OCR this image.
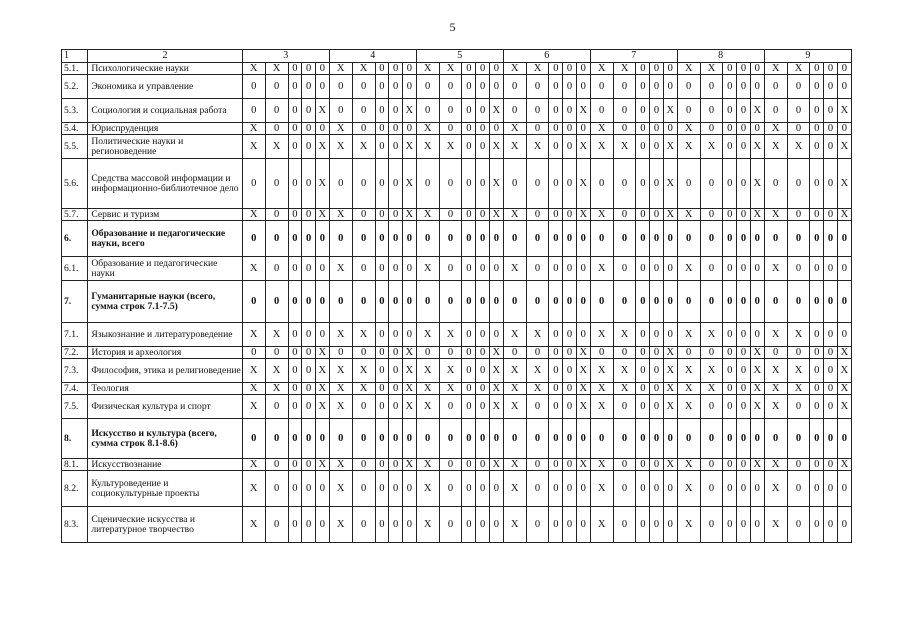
5
1	2	3					4					5					6					7					8					9				
5.1.	Психологические науки	X	X	0	0	0	X	X	0	0	0	X	X	0	0	0	X	X	0	0	0	X	X	0	0	0	X	X	0	0	0	X	X	0	0	0
5.2.	Экономика и управление	0	0	0	0	0	0	0	0	0	0	0	0	0	0	0	0	0	0	0	0	0	0	0	0	0	0	0	0	0	0	0	0	0	0	0
5.3.	Социология и социальная работа	0	0	0	0	X	0	0	0	0	X	0	0	0	0	X	0	0	0	0	X	0	0	0	0	X	0	0	0	0	X	0	0	0	0	X
5.4.	Юриспруденция	X	0	0	0	0	X	0	0	0	0	X	0	0	0	0	X	0	0	0	0	X	0	0	0	0	X	0	0	0	0	X	0	0	0	0
5.5.	Политические науки и регионоведение	X	X	0	0	X	X	X	0	0	X	X	X	0	0	X	X	X	0	0	X	X	X	0	0	X	X	X	0	0	X	X	X	0	0	X
5.6.	Средства массовой информации и информационно-библиотечное дело	0	0	0	0	X	0	0	0	0	X	0	0	0	0	X	0	0	0	0	X	0	0	0	0	X	0	0	0	0	X	0	0	0	0	X
5.7.	Сервис и туризм	X	0	0	0	X	X	0	0	0	X	X	0	0	0	X	X	0	0	0	X	X	0	0	0	X	X	0	0	0	X	X	0	0	0	X
6.	Образование и педагогические науки, всего	0	0	0	0	0	0	0	0	0	0	0	0	0	0	0	0	0	0	0	0	0	0	0	0	0	0	0	0	0	0	0	0	0	0	0
6.1.	Образование и педагогические науки	X	0	0	0	0	X	0	0	0	0	X	0	0	0	0	X	0	0	0	0	X	0	0	0	0	X	0	0	0	0	X	0	0	0	0
7.	Гуманитарные науки (всего, сумма строк 7.1-7.5)	0	0	0	0	0	0	0	0	0	0	0	0	0	0	0	0	0	0	0	0	0	0	0	0	0	0	0	0	0	0	0	0	0	0	0
7.1.	Языкознание и литературоведение	X	X	0	0	0	X	X	0	0	0	X	X	0	0	0	X	X	0	0	0	X	X	0	0	0	X	X	0	0	0	X	X	0	0	0
7.2.	История и археология	0	0	0	0	X	0	0	0	0	X	0	0	0	0	X	0	0	0	0	X	0	0	0	0	X	0	0	0	0	X	0	0	0	0	X
7.3.	Философия, этика и религиоведение	X	X	0	0	X	X	X	0	0	X	X	X	0	0	X	X	X	0	0	X	X	X	0	0	X	X	X	0	0	X	X	X	0	0	X
7.4.	Теология	X	X	0	0	X	X	X	0	0	X	X	X	0	0	X	X	X	0	0	X	X	X	0	0	X	X	X	0	0	X	X	X	0	0	X
7.5.	Физическая культура и спорт	X	0	0	0	X	X	0	0	0	X	X	0	0	0	X	X	0	0	0	X	X	0	0	0	X	X	0	0	0	X	X	0	0	0	X
8.	Искусство и культура (всего, сумма строк 8.1-8.6)	0	0	0	0	0	0	0	0	0	0	0	0	0	0	0	0	0	0	0	0	0	0	0	0	0	0	0	0	0	0	0	0	0	0	0
8.1.	Искусствознание	X	0	0	0	X	X	0	0	0	X	X	0	0	0	X	X	0	0	0	X	X	0	0	0	X	X	0	0	0	X	X	0	0	0	X
8.2.	Культуроведение и социокультурные проекты	X	0	0	0	0	X	0	0	0	0	X	0	0	0	0	X	0	0	0	0	X	0	0	0	0	X	0	0	0	0	X	0	0	0	0
8.3.	Сценические искусства и литературное творчество	X	0	0	0	0	X	0	0	0	0	X	0	0	0	0	X	0	0	0	0	X	0	0	0	0	X	0	0	0	0	X	0	0	0	0
